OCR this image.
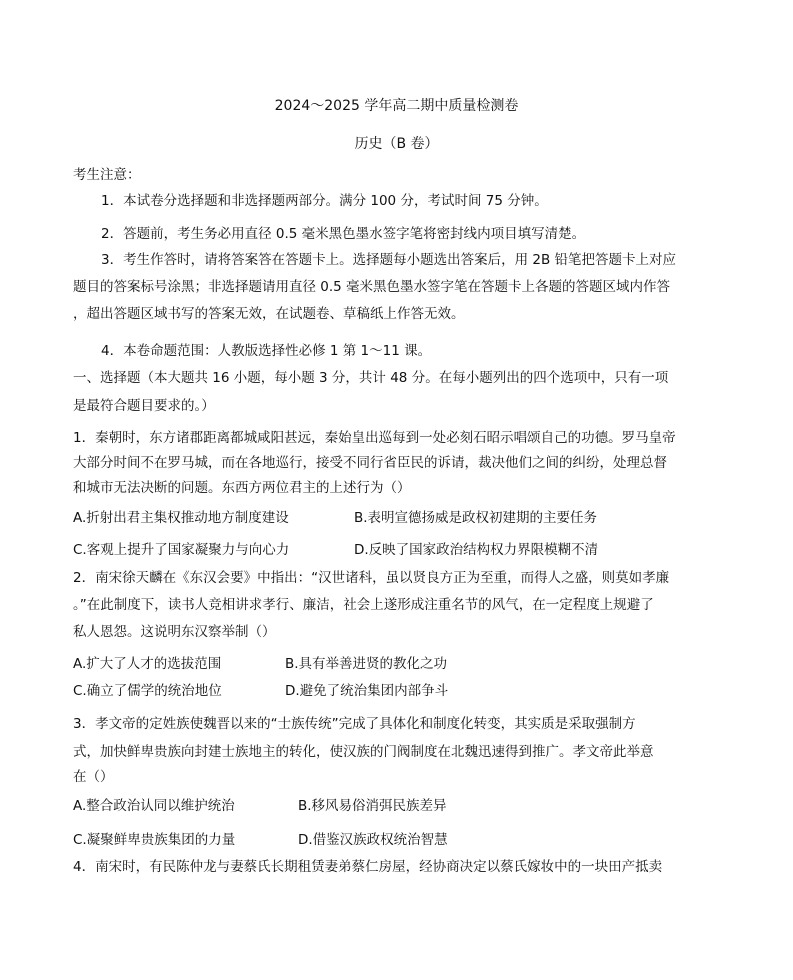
2024～2025 学年高二期中质量检测卷
历史（B 卷）
考生注意：
1．本试卷分选择题和非选择题两部分。满分 100 分，考试时间 75 分钟。
2．答题前，考生务必用直径 0.5 毫米黑色墨水签字笔将密封线内项目填写清楚。
3．考生作答时，请将答案答在答题卡上。选择题每小题选出答案后，用 2B 铅笔把答题卡上对应
题目的答案标号涂黑；非选择题请用直径 0.5 毫米黑色墨水签字笔在答题卡上各题的答题区域内作答
，超出答题区域书写的答案无效，在试题卷、草稿纸上作答无效。
4．本卷命题范围：人教版选择性必修 1 第 1～11 课。
一、选择题（本大题共 16 小题，每小题 3 分，共计 48 分。在每小题列出的四个选项中，只有一项
是最符合题目要求的。）
1．秦朝时，东方诸郡距离都城咸阳甚远，秦始皇出巡每到一处必刻石昭示唱颂自己的功德。罗马皇帝
大部分时间不在罗马城，而在各地巡行，接受不同行省臣民的诉请，裁决他们之间的纠纷，处理总督
和城市无法决断的问题。东西方两位君主的上述行为（）
A.折射出君主集权推动地方制度建设	B.表明宣德扬威是政权初建期的主要任务
C.客观上提升了国家凝聚力与向心力	D.反映了国家政治结构权力界限模糊不清
2．南宋徐天麟在《东汉会要》中指出：“汉世诸科，虽以贤良方正为至重，而得人之盛，则莫如孝廉
。”在此制度下，读书人竞相讲求孝行、廉洁，社会上遂形成注重名节的风气，在一定程度上规避了
私人恩怨。这说明东汉察举制（）
A.扩大了人才的选拔范围	B.具有举善进贤的教化之功
C.确立了儒学的统治地位	D.避免了统治集团内部争斗
3．孝文帝的定姓族使魏晋以来的“士族传统”完成了具体化和制度化转变，其实质是采取强制方
式，加快鲜卑贵族向封建士族地主的转化，使汉族的门阀制度在北魏迅速得到推广。孝文帝此举意
在（）
A.整合政治认同以维护统治	B.移风易俗消弭民族差异
C.凝聚鲜卑贵族集团的力量	D.借鉴汉族政权统治智慧
4．南宋时，有民陈仲龙与妻蔡氏长期租赁妻弟蔡仁房屋，经协商决定以蔡氏嫁妆中的一块田产抵卖
